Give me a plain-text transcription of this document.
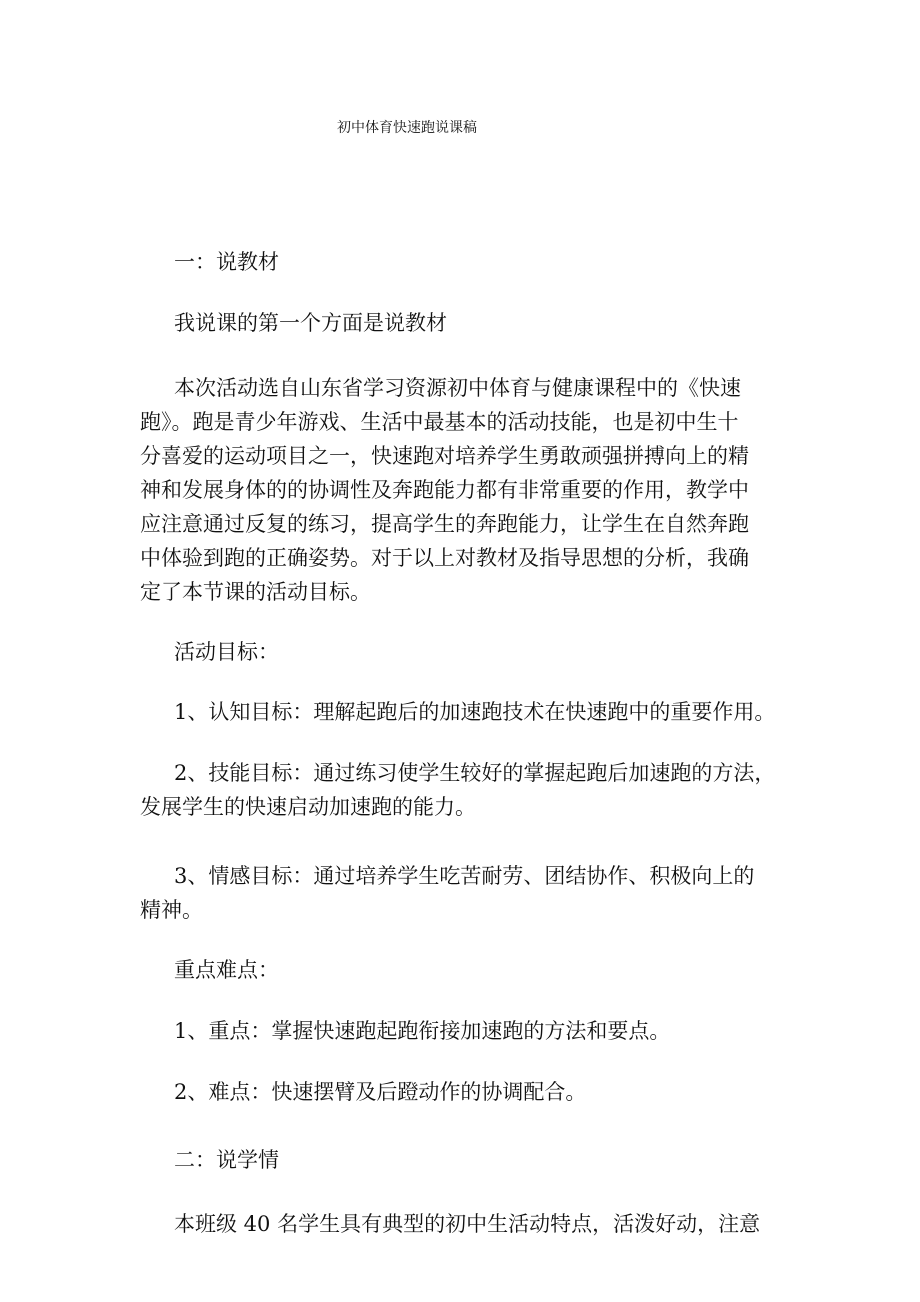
初中体育快速跑说课稿
一：说教材
我说课的第一个方面是说教材
本次活动选自山东省学习资源初中体育与健康课程中的《快速
跑》。跑是青少年游戏、生活中最基本的活动技能，也是初中生十
分喜爱的运动项目之一，快速跑对培养学生勇敢顽强拼搏向上的精
神和发展身体的的协调性及奔跑能力都有非常重要的作用，教学中
应注意通过反复的练习，提高学生的奔跑能力，让学生在自然奔跑
中体验到跑的正确姿势。对于以上对教材及指导思想的分析，我确
定了本节课的活动目标。
活动目标：
1、认知目标：理解起跑后的加速跑技术在快速跑中的重要作用。
2、技能目标：通过练习使学生较好的掌握起跑后加速跑的方法，
发展学生的快速启动加速跑的能力。
3、情感目标：通过培养学生吃苦耐劳、团结协作、积极向上的
精神。
重点难点：
1、重点：掌握快速跑起跑衔接加速跑的方法和要点。
2、难点：快速摆臂及后蹬动作的协调配合。
二：说学情
本班级 40 名学生具有典型的初中生活动特点，活泼好动，注意
